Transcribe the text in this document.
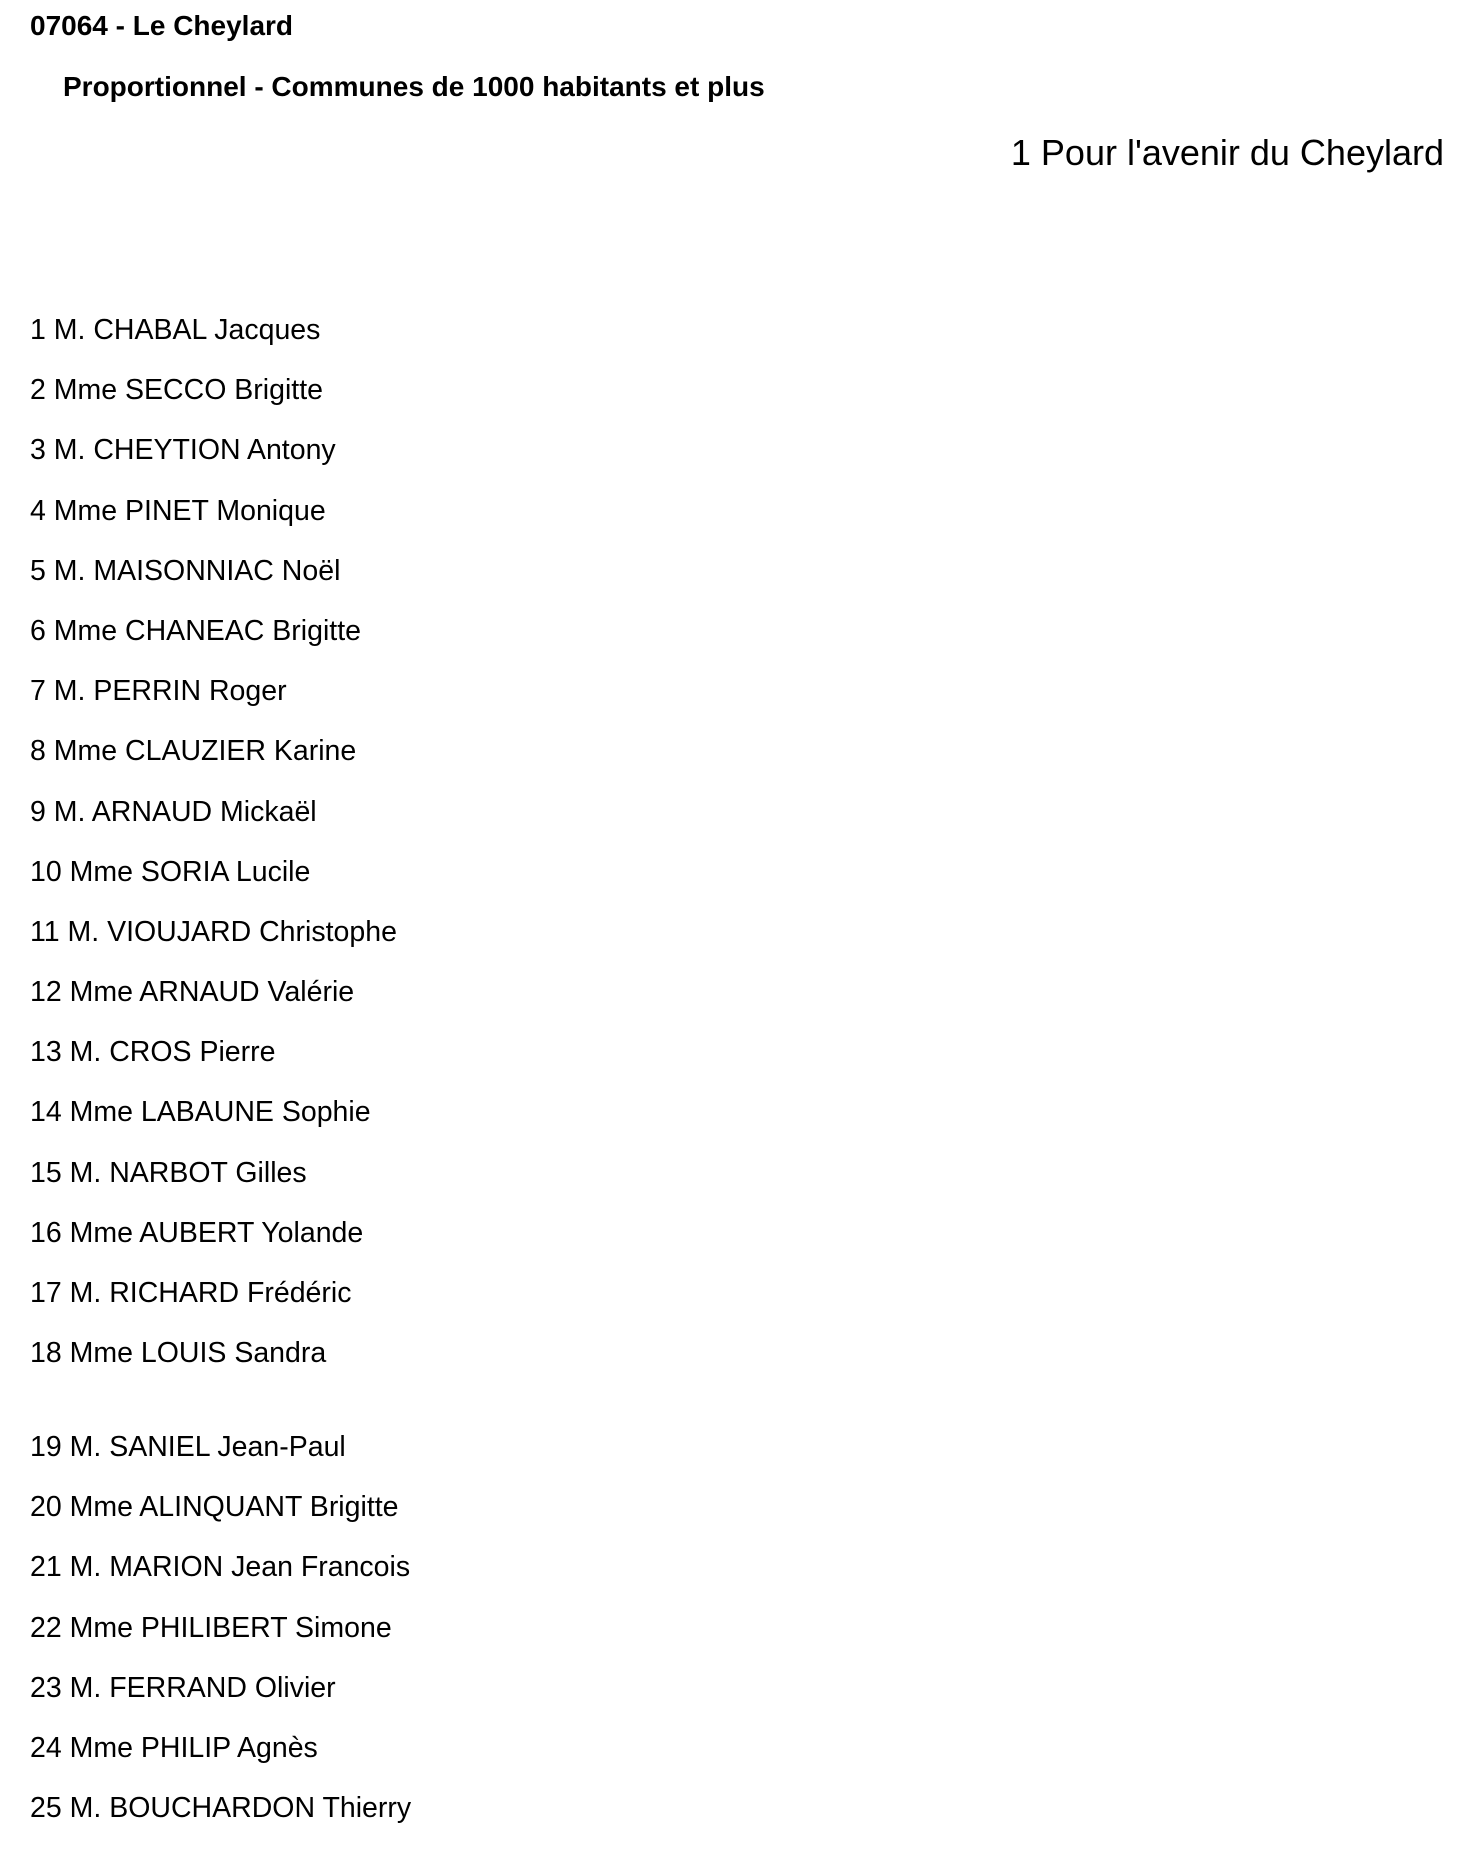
07064 - Le Cheylard
Proportionnel - Communes de 1000 habitants et plus
1 Pour l'avenir du Cheylard
1 M. CHABAL Jacques
2 Mme SECCO Brigitte
3 M. CHEYTION Antony
4 Mme PINET Monique
5 M. MAISONNIAC Noël
6 Mme CHANEAC Brigitte
7 M. PERRIN Roger
8 Mme CLAUZIER Karine
9 M. ARNAUD Mickaël
10 Mme SORIA Lucile
11 M. VIOUJARD Christophe
12 Mme ARNAUD Valérie
13 M. CROS Pierre
14 Mme LABAUNE Sophie
15 M. NARBOT Gilles
16 Mme AUBERT Yolande
17 M. RICHARD Frédéric
18 Mme LOUIS Sandra
19 M. SANIEL Jean-Paul
20 Mme ALINQUANT Brigitte
21 M. MARION Jean Francois
22 Mme PHILIBERT Simone
23 M. FERRAND Olivier
24 Mme PHILIP Agnès
25 M. BOUCHARDON Thierry
